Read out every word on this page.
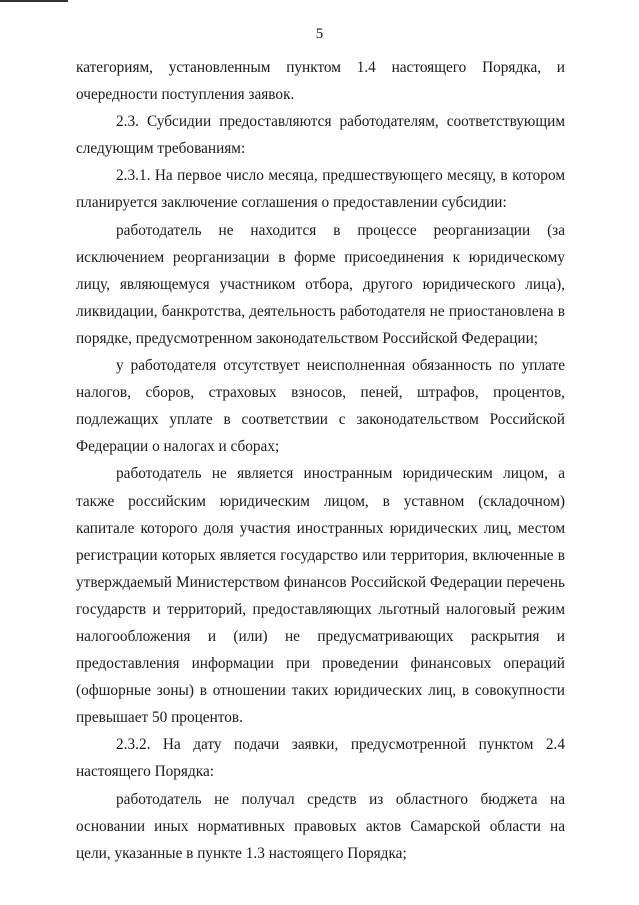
5

категориям, установленным пунктом 1.4 настоящего Порядка, и очередности поступления заявок.

2.3. Субсидии предоставляются работодателям, соответствующим следующим требованиям:

2.3.1. На первое число месяца, предшествующего месяцу, в котором планируется заключение соглашения о предоставлении субсидии:

работодатель не находится в процессе реорганизации (за исключением реорганизации в форме присоединения к юридическому лицу, являющемуся участником отбора, другого юридического лица), ликвидации, банкротства, деятельность работодателя не приостановлена в порядке, предусмотренном законодательством Российской Федерации;

у работодателя отсутствует неисполненная обязанность по уплате налогов, сборов, страховых взносов, пеней, штрафов, процентов, подлежащих уплате в соответствии с законодательством Российской Федерации о налогах и сборах;

работодатель не является иностранным юридическим лицом, а также российским юридическим лицом, в уставном (складочном) капитале которого доля участия иностранных юридических лиц, местом регистрации которых является государство или территория, включенные в утверждаемый Министерством финансов Российской Федерации перечень государств и территорий, предоставляющих льготный налоговый режим налогообложения и (или) не предусматривающих раскрытия и предоставления информации при проведении финансовых операций (офшорные зоны) в отношении таких юридических лиц, в совокупности превышает 50 процентов.

2.3.2. На дату подачи заявки, предусмотренной пунктом 2.4 настоящего Порядка:

работодатель не получал средств из областного бюджета на основании иных нормативных правовых актов Самарской области на цели, указанные в пункте 1.3 настоящего Порядка;
